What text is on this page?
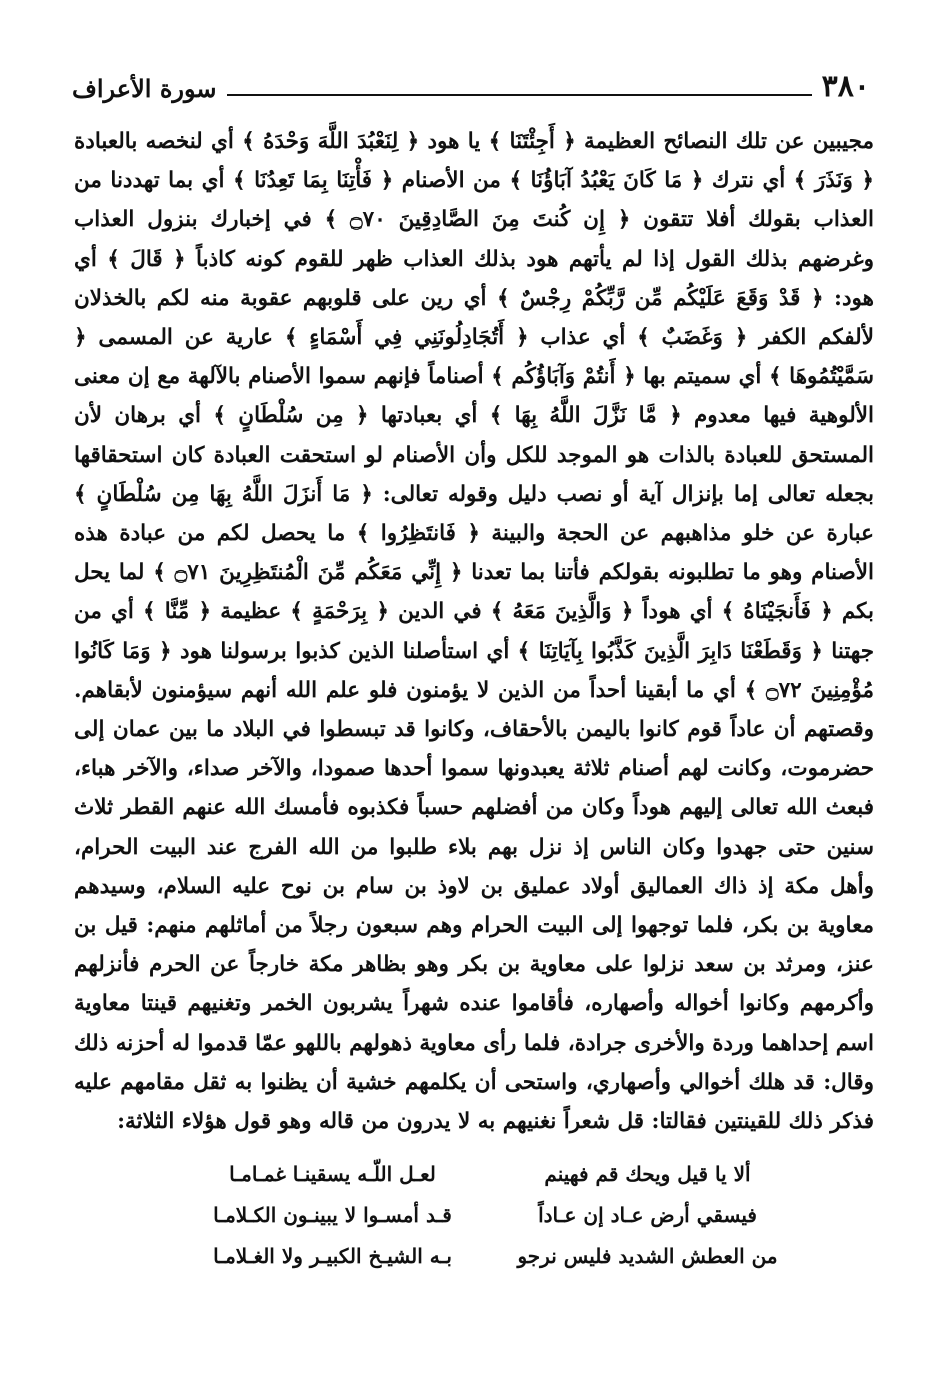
٣٨٠
سورة الأعراف

مجيبين عن تلك النصائح العظيمة ﴿ أَجِئْتَنَا ﴾ يا هود ﴿ لِنَعْبُدَ اللَّهَ وَحْدَهُ ﴾ أي لنخصه بالعبادة ﴿ وَنَذَرَ ﴾ أي نترك ﴿ مَا كَانَ يَعْبُدُ آبَاؤُنَا ﴾ من الأصنام ﴿ فَأْتِنَا بِمَا تَعِدُنَا ﴾ أي بما تهددنا من العذاب بقولك أفلا تتقون ﴿ إِن كُنتَ مِنَ الصَّادِقِينَ ۝٧٠ ﴾ في إخبارك بنزول العذاب وغرضهم بذلك القول إذا لم يأتهم هود بذلك العذاب ظهر للقوم كونه كاذباً ﴿ قَالَ ﴾ أي هود: ﴿ قَدْ وَقَعَ عَلَيْكُم مِّن رَّبِّكُمْ رِجْسٌ ﴾ أي رين على قلوبهم عقوبة منه لكم بالخذلان لألفكم الكفر ﴿ وَغَضَبٌ ﴾ أي عذاب ﴿ أَتُجَادِلُونَنِي فِي أَسْمَاءٍ ﴾ عارية عن المسمى ﴿ سَمَّيْتُمُوهَا ﴾ أي سميتم بها ﴿ أَنتُمْ وَآبَاؤُكُم ﴾ أصناماً فإنهم سموا الأصنام بالآلهة مع إن معنى الألوهية فيها معدوم ﴿ مَّا نَزَّلَ اللَّهُ بِهَا ﴾ أي بعبادتها ﴿ مِن سُلْطَانٍ ﴾ أي برهان لأن المستحق للعبادة بالذات هو الموجد للكل وأن الأصنام لو استحقت العبادة كان استحقاقها بجعله تعالى إما بإنزال آية أو نصب دليل وقوله تعالى: ﴿ مَا أَنزَلَ اللَّهُ بِهَا مِن سُلْطَانٍ ﴾ عبارة عن خلو مذاهبهم عن الحجة والبينة ﴿ فَانتَظِرُوا ﴾ ما يحصل لكم من عبادة هذه الأصنام وهو ما تطلبونه بقولكم فأتنا بما تعدنا ﴿ إِنِّي مَعَكُم مِّنَ الْمُنتَظِرِينَ ۝٧١ ﴾ لما يحل بكم ﴿ فَأَنجَيْنَاهُ ﴾ أي هوداً ﴿ وَالَّذِينَ مَعَهُ ﴾ في الدين ﴿ بِرَحْمَةٍ ﴾ عظيمة ﴿ مِّنَّا ﴾ أي من جهتنا ﴿ وَقَطَعْنَا دَابِرَ الَّذِينَ كَذَّبُوا بِآيَاتِنَا ﴾ أي استأصلنا الذين كذبوا برسولنا هود ﴿ وَمَا كَانُوا مُؤْمِنِينَ ۝٧٢ ﴾ أي ما أبقينا أحداً من الذين لا يؤمنون فلو علم الله أنهم سيؤمنون لأبقاهم. وقصتهم أن عاداً قوم كانوا باليمن بالأحقاف، وكانوا قد تبسطوا في البلاد ما بين عمان إلى حضرموت، وكانت لهم أصنام ثلاثة يعبدونها سموا أحدها صمودا، والآخر صداء، والآخر هباء، فبعث الله تعالى إليهم هوداً وكان من أفضلهم حسباً فكذبوه فأمسك الله عنهم القطر ثلاث سنين حتى جهدوا وكان الناس إذ نزل بهم بلاء طلبوا من الله الفرج عند البيت الحرام، وأهل مكة إذ ذاك العماليق أولاد عمليق بن لاوذ بن سام بن نوح عليه السلام، وسيدهم معاوية بن بكر، فلما توجهوا إلى البيت الحرام وهم سبعون رجلاً من أماثلهم منهم: قيل بن عنز، ومرثد بن سعد نزلوا على معاوية بن بكر وهو بظاهر مكة خارجاً عن الحرم فأنزلهم وأكرمهم وكانوا أخواله وأصهاره، فأقاموا عنده شهراً يشربون الخمر وتغنيهم قينتا معاوية اسم إحداهما وردة والأخرى جرادة، فلما رأى معاوية ذهولهم باللهو عمّا قدموا له أحزنه ذلك وقال: قد هلك أخوالي وأصهاري، واستحى أن يكلمهم خشية أن يظنوا به ثقل مقامهم عليه فذكر ذلك للقينتين فقالتا: قل شعراً نغنيهم به لا يدرون من قاله وهو قول هؤلاء الثلاثة:

ألا يا قيل ويحك قم فهينم
لعـل اللّـه يسقينـا غمـامـا
فيسقي أرض عـاد إن عـاداً
قـد أمسـوا لا يبينـون الكـلامـا
من العطش الشديد فليس نرجو
بـه الشيـخ الكبيـر ولا الغـلامـا
